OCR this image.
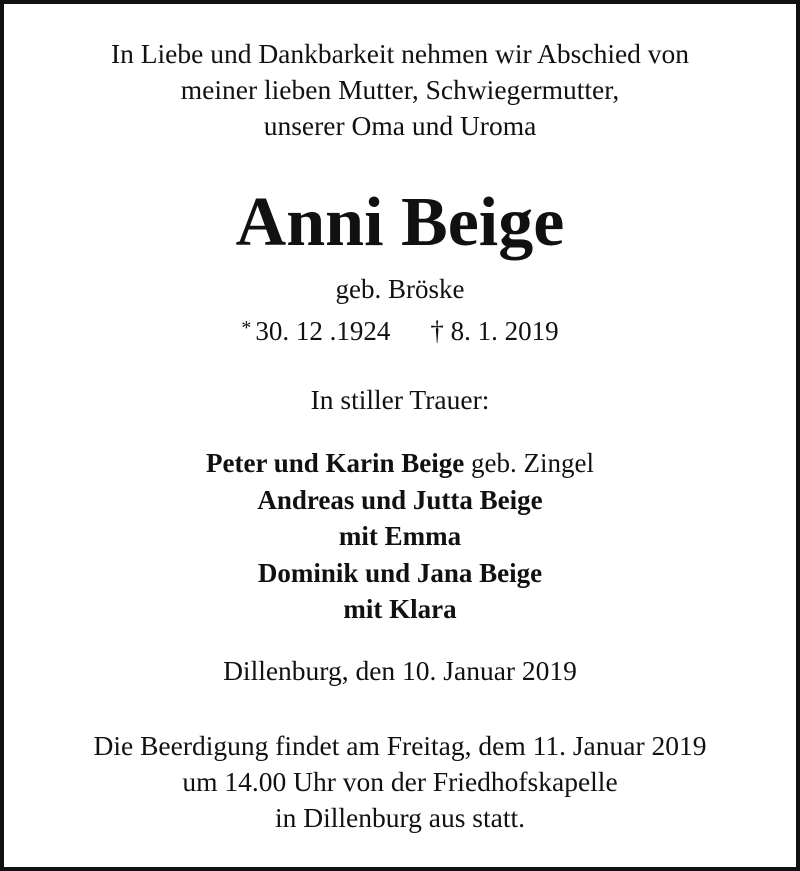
In Liebe und Dankbarkeit nehmen wir Abschied von
meiner lieben Mutter, Schwiegermutter,
unserer Oma und Uroma
Anni Beige
geb. Bröske
* 30. 12 .1924 † 8. 1. 2019
In stiller Trauer:
Peter und Karin Beige geb. Zingel
Andreas und Jutta Beige
mit Emma
Dominik und Jana Beige
mit Klara
Dillenburg, den 10. Januar 2019
Die Beerdigung findet am Freitag, dem 11. Januar 2019
um 14.00 Uhr von der Friedhofskapelle
in Dillenburg aus statt.
